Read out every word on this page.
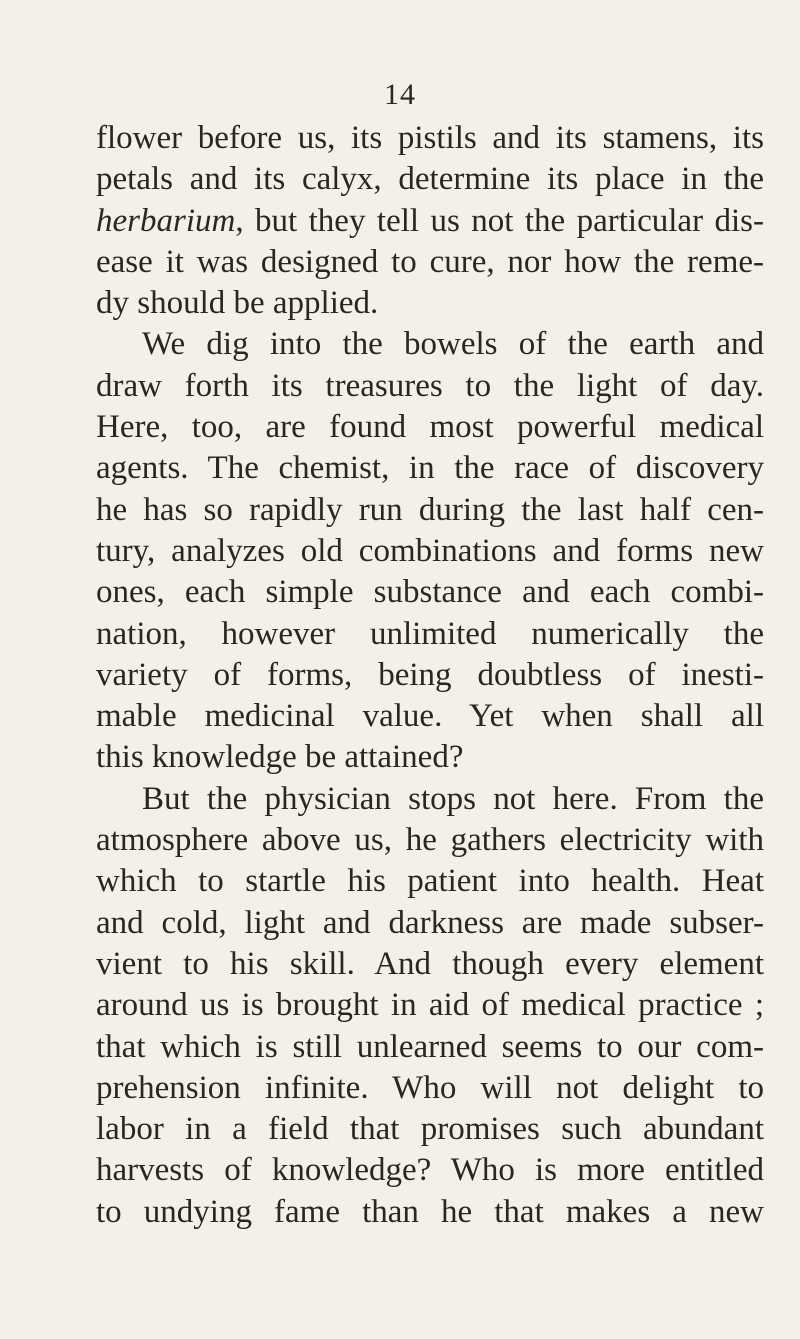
14
flower before us, its pistils and its stamens, its
petals and its calyx, determine its place in the
herbarium, but they tell us not the particular dis-
ease it was designed to cure, nor how the reme-
dy should be applied.
We dig into the bowels of the earth and
draw forth its treasures to the light of day.
Here, too, are found most powerful medical
agents. The chemist, in the race of discovery
he has so rapidly run during the last half cen-
tury, analyzes old combinations and forms new
ones, each simple substance and each combi-
nation, however unlimited numerically the
variety of forms, being doubtless of inesti-
mable medicinal value. Yet when shall all
this knowledge be attained?
But the physician stops not here. From the
atmosphere above us, he gathers electricity with
which to startle his patient into health. Heat
and cold, light and darkness are made subser-
vient to his skill. And though every element
around us is brought in aid of medical practice ;
that which is still unlearned seems to our com-
prehension infinite. Who will not delight to
labor in a field that promises such abundant
harvests of knowledge? Who is more entitled
to undying fame than he that makes a new
